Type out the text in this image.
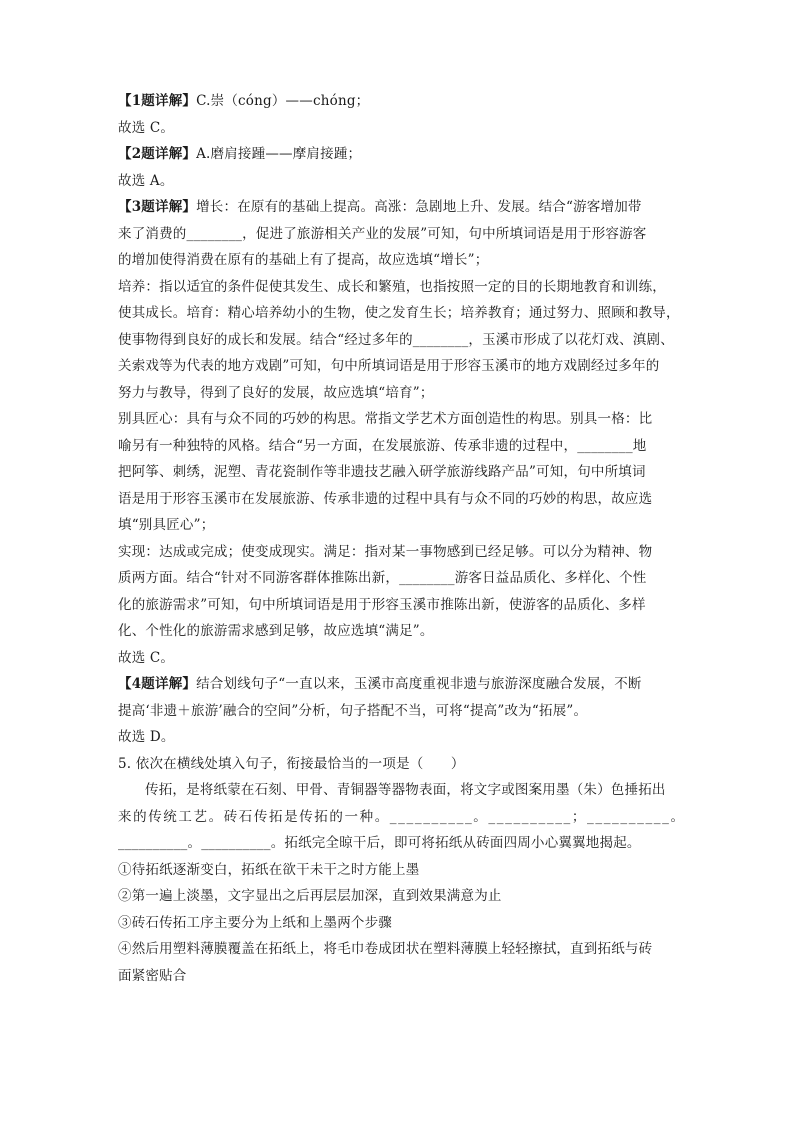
【1题详解】C.崇（cóng）——chóng；
故选 C。
【2题详解】A.磨肩接踵——摩肩接踵；
故选 A。
【3题详解】增长：在原有的基础上提高。高涨：急剧地上升、发展。结合“游客增加带
来了消费的________，促进了旅游相关产业的发展”可知，句中所填词语是用于形容游客
的增加使得消费在原有的基础上有了提高，故应选填“增长”；
培养：指以适宜的条件促使其发生、成长和繁殖，也指按照一定的目的长期地教育和训练，
使其成长。培育：精心培养幼小的生物，使之发育生长；培养教育；通过努力、照顾和教导，
使事物得到良好的成长和发展。结合“经过多年的________，玉溪市形成了以花灯戏、滇剧、
关索戏等为代表的地方戏剧”可知，句中所填词语是用于形容玉溪市的地方戏剧经过多年的
努力与教导，得到了良好的发展，故应选填“培育”；
别具匠心：具有与众不同的巧妙的构思。常指文学艺术方面创造性的构思。别具一格：比
喻另有一种独特的风格。结合“另一方面，在发展旅游、传承非遗的过程中，________地
把阿筝、刺绣，泥塑、青花瓷制作等非遗技艺融入研学旅游线路产品”可知，句中所填词
语是用于形容玉溪市在发展旅游、传承非遗的过程中具有与众不同的巧妙的构思，故应选
填“别具匠心”；
实现：达成或完成；使变成现实。满足：指对某一事物感到已经足够。可以分为精神、物
质两方面。结合“针对不同游客群体推陈出新，________游客日益品质化、多样化、个性
化的旅游需求”可知，句中所填词语是用于形容玉溪市推陈出新，使游客的品质化、多样
化、个性化的旅游需求感到足够，故应选填“满足”。
故选 C。
【4题详解】结合划线句子“一直以来，玉溪市高度重视非遗与旅游深度融合发展，不断
提高‘非遗＋旅游’融合的空间”分析，句子搭配不当，可将“提高”改为“拓展”。
故选 D。
5. 依次在横线处填入句子，衔接最恰当的一项是（　　）
传拓，是将纸蒙在石刻、甲骨、青铜器等器物表面，将文字或图案用墨（朱）色捶拓出
来的传统工艺。砖石传拓是传拓的一种。__________。__________；__________。
__________。__________。拓纸完全晾干后，即可将拓纸从砖面四周小心翼翼地揭起。
①待拓纸逐渐变白，拓纸在欲干未干之时方能上墨
②第一遍上淡墨，文字显出之后再层层加深，直到效果满意为止
③砖石传拓工序主要分为上纸和上墨两个步骤
④然后用塑料薄膜覆盖在拓纸上，将毛巾卷成团状在塑料薄膜上轻轻擦拭，直到拓纸与砖
面紧密贴合
